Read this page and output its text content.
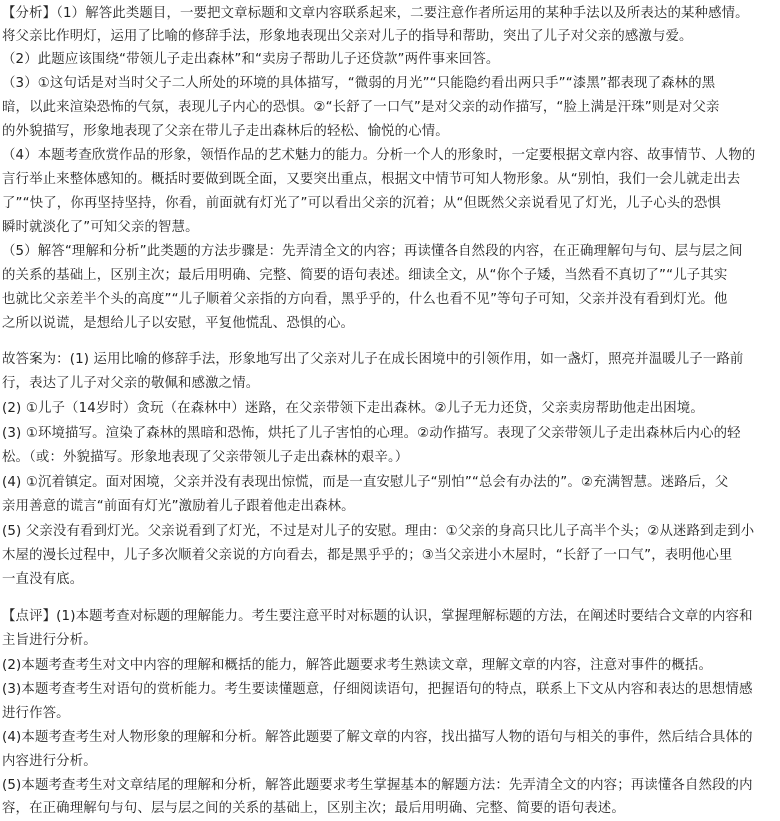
【分析】（1）解答此类题目，一要把文章标题和文章内容联系起来，二要注意作者所运用的某种手法以及所表达的某种感情。
将父亲比作明灯，运用了比喻的修辞手法，形象地表现出父亲对儿子的指导和帮助，突出了儿子对父亲的感激与爱。
（2）此题应该围绕“带领儿子走出森林”和“卖房子帮助儿子还贷款”两件事来回答。
（3）①这句话是对当时父子二人所处的环境的具体描写，“微弱的月光”“只能隐约看出两只手”“漆黑”都表现了森林的黑
暗，以此来渲染恐怖的气氛，表现儿子内心的恐惧。②“长舒了一口气”是对父亲的动作描写，“脸上满是汗珠”则是对父亲
的外貌描写，形象地表现了父亲在带儿子走出森林后的轻松、愉悦的心情。
（4）本题考查欣赏作品的形象，领悟作品的艺术魅力的能力。分析一个人的形象时，一定要根据文章内容、故事情节、人物的
言行举止来整体感知的。概括时要做到既全面，又要突出重点，根据文中情节可知人物形象。从“别怕，我们一会儿就走出去
了”“快了，你再坚持坚持，你看，前面就有灯光了”可以看出父亲的沉着；从“但既然父亲说看见了灯光，儿子心头的恐惧
瞬时就淡化了”可知父亲的智慧。
（5）解答“理解和分析”此类题的方法步骤是：先弄清全文的内容；再读懂各自然段的内容，在正确理解句与句、层与层之间
的关系的基础上，区别主次；最后用明确、完整、简要的语句表述。细读全文，从“你个子矮，当然看不真切了”“儿子其实
也就比父亲差半个头的高度”“儿子顺着父亲指的方向看，黑乎乎的，什么也看不见”等句子可知，父亲并没有看到灯光。他
之所以说谎，是想给儿子以安慰，平复他慌乱、恐惧的心。
故答案为：(1) 运用比喻的修辞手法，形象地写出了父亲对儿子在成长困境中的引领作用，如一盏灯，照亮并温暖儿子一路前
行，表达了儿子对父亲的敬佩和感激之情。
(2) ①儿子（14岁时）贪玩（在森林中）迷路，在父亲带领下走出森林。②儿子无力还贷，父亲卖房帮助他走出困境。
(3) ①环境描写。渲染了森林的黑暗和恐怖，烘托了儿子害怕的心理。②动作描写。表现了父亲带领儿子走出森林后内心的轻
松。（或：外貌描写。形象地表现了父亲带领儿子走出森林的艰辛。）
(4) ①沉着镇定。面对困境，父亲并没有表现出惊慌，而是一直安慰儿子“别怕”“总会有办法的”。②充满智慧。迷路后，父
亲用善意的谎言“前面有灯光”激励着儿子跟着他走出森林。
(5) 父亲没有看到灯光。父亲说看到了灯光，不过是对儿子的安慰。理由：①父亲的身高只比儿子高半个头；②从迷路到走到小
木屋的漫长过程中，儿子多次顺着父亲说的方向看去，都是黑乎乎的；③当父亲进小木屋时，“长舒了一口气”，表明他心里
一直没有底。
【点评】(1)本题考查对标题的理解能力。考生要注意平时对标题的认识，掌握理解标题的方法，在阐述时要结合文章的内容和
主旨进行分析。
(2)本题考查考生对文中内容的理解和概括的能力，解答此题要求考生熟读文章，理解文章的内容，注意对事件的概括。
(3)本题考查考生对语句的赏析能力。考生要读懂题意，仔细阅读语句，把握语句的特点，联系上下文从内容和表达的思想情感
进行作答。
(4)本题考查考生对人物形象的理解和分析。解答此题要了解文章的内容，找出描写人物的语句与相关的事件，然后结合具体的
内容进行分析。
(5)本题考查考生对文章结尾的理解和分析，解答此题要求考生掌握基本的解题方法：先弄清全文的内容；再读懂各自然段的内
容，在正确理解句与句、层与层之间的关系的基础上，区别主次；最后用明确、完整、简要的语句表述。
